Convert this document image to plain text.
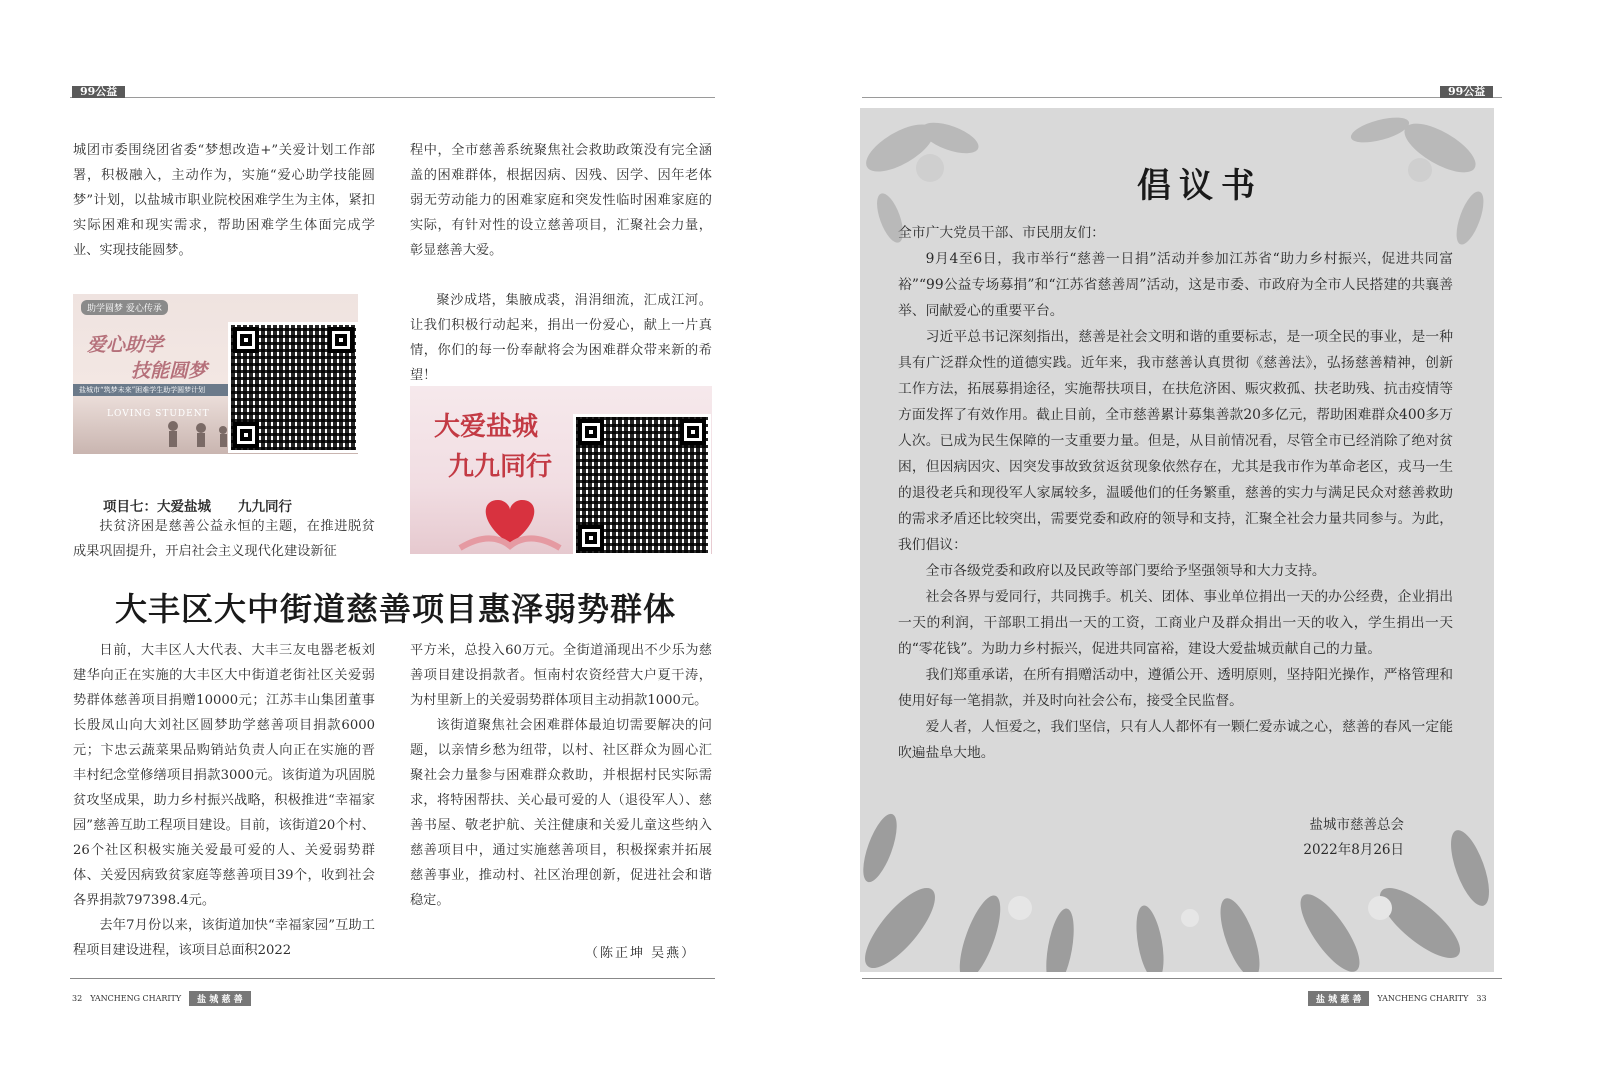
99公益

城团市委围绕团省委“梦想改造+”关爱计划工作部署，积极融入，主动作为，实施“爱心助学技能圆梦”计划，以盐城市职业院校困难学生为主体，紧扣实际困难和现实需求，帮助困难学生体面完成学业、实现技能圆梦。

程中，全市慈善系统聚焦社会救助政策没有完全涵盖的困难群体，根据因病、因残、因学、因年老体弱无劳动能力的困难家庭和突发性临时困难家庭的实际，有针对性的设立慈善项目，汇聚社会力量，彰显慈善大爱。

聚沙成塔，集腋成裘，涓涓细流，汇成江河。让我们积极行动起来，捐出一份爱心，献上一片真情，你们的每一份奉献将会为困难群众带来新的希望！

助学圆梦 爱心传承
爱心助学
技能圆梦
盐城市“筑梦未来”困难学生助学圆梦计划
LOVING STUDENT	大爱盐城
九九同行
项目七：大爱盐城　　九九同行

扶贫济困是慈善公益永恒的主题，在推进脱贫成果巩固提升，开启社会主义现代化建设新征

大丰区大中街道慈善项目惠泽弱势群体

日前，大丰区人大代表、大丰三友电器老板刘建华向正在实施的大丰区大中街道老街社区关爱弱势群体慈善项目捐赠10000元；江苏丰山集团董事长殷凤山向大刘社区圆梦助学慈善项目捐款6000元；卞忠云蔬菜果品购销站负责人向正在实施的晋丰村纪念堂修缮项目捐款3000元。该街道为巩固脱贫攻坚成果，助力乡村振兴战略，积极推进“幸福家园”慈善互助工程项目建设。目前，该街道20个村、26个社区积极实施关爱最可爱的人、关爱弱势群体、关爱因病致贫家庭等慈善项目39个，收到社会各界捐款797398.4元。

去年7月份以来，该街道加快“幸福家园”互助工程项目建设进程，该项目总面积2022

平方米，总投入60万元。全街道涌现出不少乐为慈善项目建设捐款者。恒南村农资经营大户夏干涛，为村里新上的关爱弱势群体项目主动捐款1000元。

该街道聚焦社会困难群体最迫切需要解决的问题，以亲情乡愁为纽带，以村、社区群众为圆心汇聚社会力量参与困难群众救助，并根据村民实际需求，将特困帮扶、关心最可爱的人（退役军人）、慈善书屋、敬老护航、关注健康和关爱儿童这些纳入慈善项目中，通过实施慈善项目，积极探索并拓展慈善事业，推动村、社区治理创新，促进社会和谐稳定。

（陈正坤 吴燕）
32 YANCHENG CHARITY	盐 城 慈 善
99公益
倡议书

全市广大党员干部、市民朋友们：

9月4至6日，我市举行“慈善一日捐”活动并参加江苏省“助力乡村振兴，促进共同富裕”“99公益专场募捐”和“江苏省慈善周”活动，这是市委、市政府为全市人民搭建的共襄善举、同献爱心的重要平台。

习近平总书记深刻指出，慈善是社会文明和谐的重要标志，是一项全民的事业，是一种具有广泛群众性的道德实践。近年来，我市慈善认真贯彻《慈善法》，弘扬慈善精神，创新工作方法，拓展募捐途径，实施帮扶项目，在扶危济困、赈灾救孤、扶老助残、抗击疫情等方面发挥了有效作用。截止目前，全市慈善累计募集善款20多亿元，帮助困难群众400多万人次。已成为民生保障的一支重要力量。但是，从目前情况看，尽管全市已经消除了绝对贫困，但因病因灾、因突发事故致贫返贫现象依然存在，尤其是我市作为革命老区，戎马一生的退役老兵和现役军人家属较多，温暖他们的任务繁重，慈善的实力与满足民众对慈善救助的需求矛盾还比较突出，需要党委和政府的领导和支持，汇聚全社会力量共同参与。为此，我们倡议：

全市各级党委和政府以及民政等部门要给予坚强领导和大力支持。

社会各界与爱同行，共同携手。机关、团体、事业单位捐出一天的办公经费，企业捐出一天的利润，干部职工捐出一天的工资，工商业户及群众捐出一天的收入，学生捐出一天的“零花钱”。为助力乡村振兴，促进共同富裕，建设大爱盐城贡献自己的力量。

我们郑重承诺，在所有捐赠活动中，遵循公开、透明原则，坚持阳光操作，严格管理和使用好每一笔捐款，并及时向社会公布，接受全民监督。

爱人者，人恒爱之，我们坚信，只有人人都怀有一颗仁爱赤诚之心，慈善的春风一定能吹遍盐阜大地。

盐城市慈善总会
2022年8月26日
盐 城 慈 善	YANCHENG CHARITY 33
